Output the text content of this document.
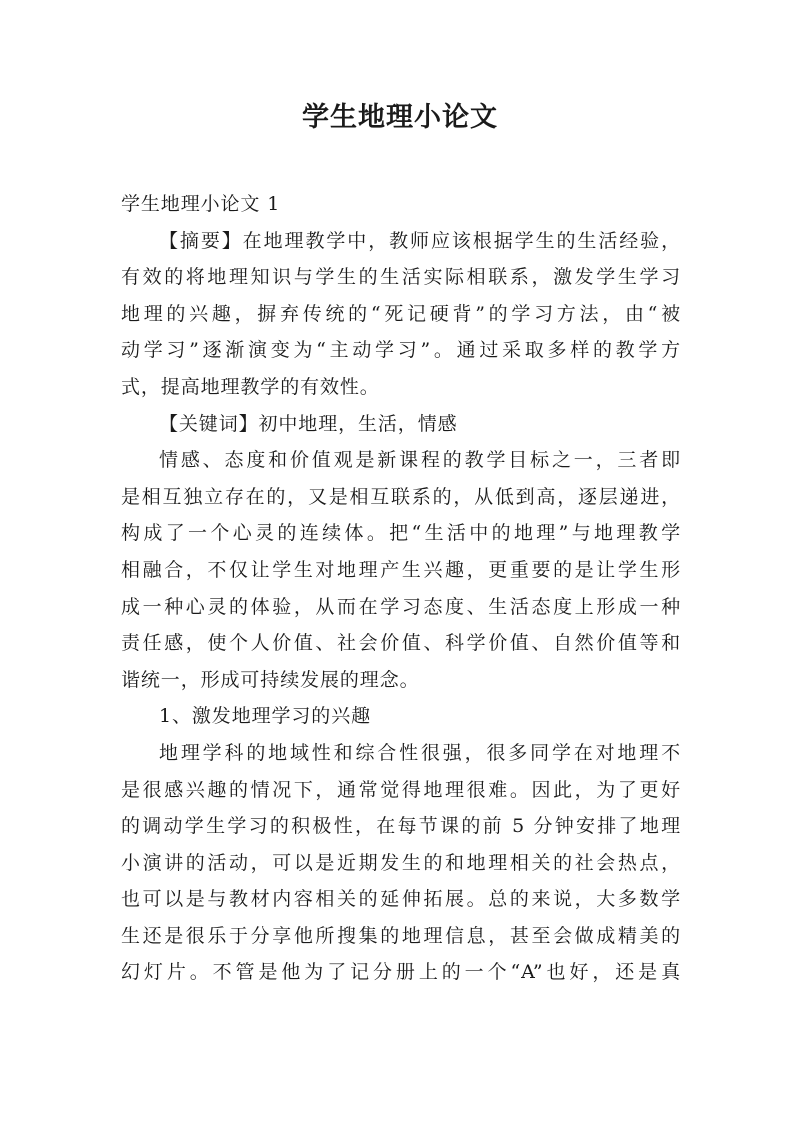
学生地理小论文
学生地理小论文 1
【摘要】在地理教学中，教师应该根据学生的生活经验，
有效的将地理知识与学生的生活实际相联系，激发学生学习
地理的兴趣，摒弃传统的“死记硬背”的学习方法，由“被
动学习”逐渐演变为“主动学习”。通过采取多样的教学方
式，提高地理教学的有效性。
【关键词】初中地理，生活，情感
情感、态度和价值观是新课程的教学目标之一，三者即
是相互独立存在的，又是相互联系的，从低到高，逐层递进，
构成了一个心灵的连续体。把“生活中的地理”与地理教学
相融合，不仅让学生对地理产生兴趣，更重要的是让学生形
成一种心灵的体验，从而在学习态度、生活态度上形成一种
责任感，使个人价值、社会价值、科学价值、自然价值等和
谐统一，形成可持续发展的理念。
1、激发地理学习的兴趣
地理学科的地域性和综合性很强，很多同学在对地理不
是很感兴趣的情况下，通常觉得地理很难。因此，为了更好
的调动学生学习的积极性，在每节课的前 5 分钟安排了地理
小演讲的活动，可以是近期发生的和地理相关的社会热点，
也可以是与教材内容相关的延伸拓展。总的来说，大多数学
生还是很乐于分享他所搜集的地理信息，甚至会做成精美的
幻灯片。不管是他为了记分册上的一个“A”也好，还是真
